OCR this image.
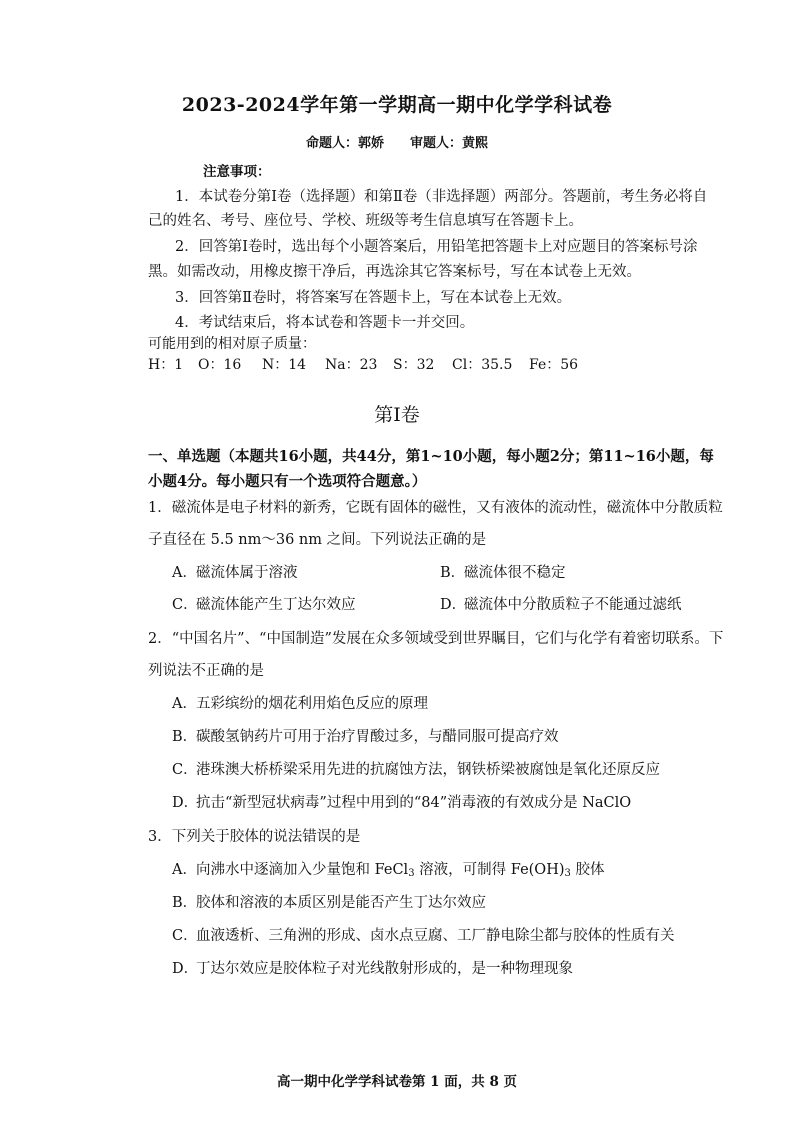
2023-2024学年第一学期高一期中化学学科试卷
命题人：郭娇　　审题人：黄熙
注意事项：
1．本试卷分第Ⅰ卷（选择题）和第Ⅱ卷（非选择题）两部分。答题前，考生务必将自
己的姓名、考号、座位号、学校、班级等考生信息填写在答题卡上。
2．回答第Ⅰ卷时，选出每个小题答案后，用铅笔把答题卡上对应题目的答案标号涂
黑。如需改动，用橡皮擦干净后，再选涂其它答案标号，写在本试卷上无效。
3．回答第Ⅱ卷时，将答案写在答题卡上，写在本试卷上无效。
4．考试结束后，将本试卷和答题卡一并交回。
可能用到的相对原子质量：
H：1 O：16 N：14 Na：23 S：32 Cl：35.5 Fe：56
第Ⅰ卷
一、单选题（本题共16小题，共44分，第1~10小题，每小题2分；第11~16小题，每
小题4分。每小题只有一个选项符合题意。）
1．磁流体是电子材料的新秀，它既有固体的磁性，又有液体的流动性，磁流体中分散质粒
子直径在 5.5 nm～36 nm 之间。下列说法正确的是
A．磁流体属于溶液	B．磁流体很不稳定
C．磁流体能产生丁达尔效应	D．磁流体中分散质粒子不能通过滤纸
2．“中国名片”、“中国制造”发展在众多领域受到世界瞩目，它们与化学有着密切联系。下
列说法不正确的是
A．五彩缤纷的烟花利用焰色反应的原理
B．碳酸氢钠药片可用于治疗胃酸过多，与醋同服可提高疗效
C．港珠澳大桥桥梁采用先进的抗腐蚀方法，钢铁桥梁被腐蚀是氧化还原反应
D．抗击“新型冠状病毒”过程中用到的“84”消毒液的有效成分是 NaClO
3．下列关于胶体的说法错误的是
A．向沸水中逐滴加入少量饱和 FeCl$_3$ 溶液，可制得 $Fe(OH)_3$ 胶体
B．胶体和溶液的本质区别是能否产生丁达尔效应
C．血液透析、三角洲的形成、卤水点豆腐、工厂静电除尘都与胶体的性质有关
D．丁达尔效应是胶体粒子对光线散射形成的，是一种物理现象
高一期中化学学科试卷第 1 面，共 8 页
